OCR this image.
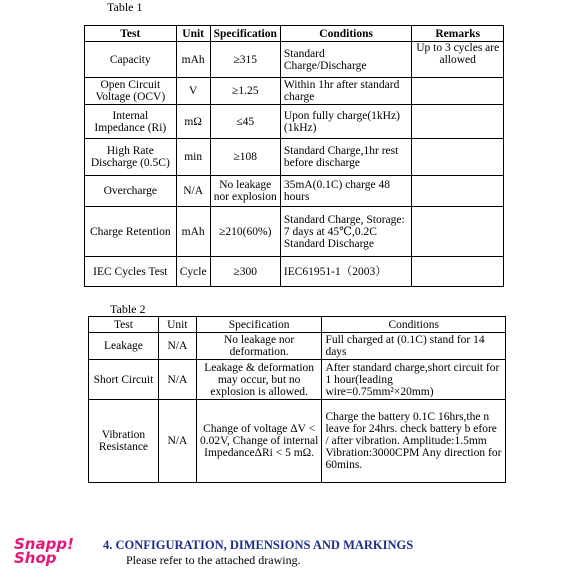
Table 1
Test	Unit	Specification	Conditions	Remarks
Capacity	mAh	≥315	Standard Charge/Discharge	Up to 3 cycles are allowed
Open Circuit Voltage (OCV)	V	≥1.25	Within 1hr after standard charge	
Internal Impedance (Ri)	mΩ	≤45	Upon fully charge(1kHz) (1kHz)	
High Rate Discharge (0.5C)	min	≥108	Standard Charge,1hr rest before discharge	
Overcharge	N/A	No leakage nor explosion	35mA(0.1C) charge 48 hours	
Charge Retention	mAh	≥210(60%)	Standard Charge, Storage: 7 days at 45℃,0.2C Standard Discharge	
IEC Cycles Test	Cycle	≥300	IEC61951-1（2003）	
Table 2
Test	Unit	Specification	Conditions
Leakage	N/A	No leakage nor deformation.	Full charged at (0.1C) stand for 14 days
Short Circuit	N/A	Leakage & deformation may occur, but no explosion is allowed.	After standard charge,short circuit for 1 hour(leading wire=0.75mm²×20mm)
Vibration Resistance	N/A	Change of voltage ΔV < 0.02V, Change of internal ImpedanceΔRi < 5 mΩ.	Charge the battery 0.1C 16hrs,the n leave for 24hrs. check battery b efore / after vibration. Amplitude:1.5mm Vibration:3000CPM Any direction for 60mins.
Snapp!
Shop
4. CONFIGURATION, DIMENSIONS AND MARKINGS
Please refer to the attached drawing.
